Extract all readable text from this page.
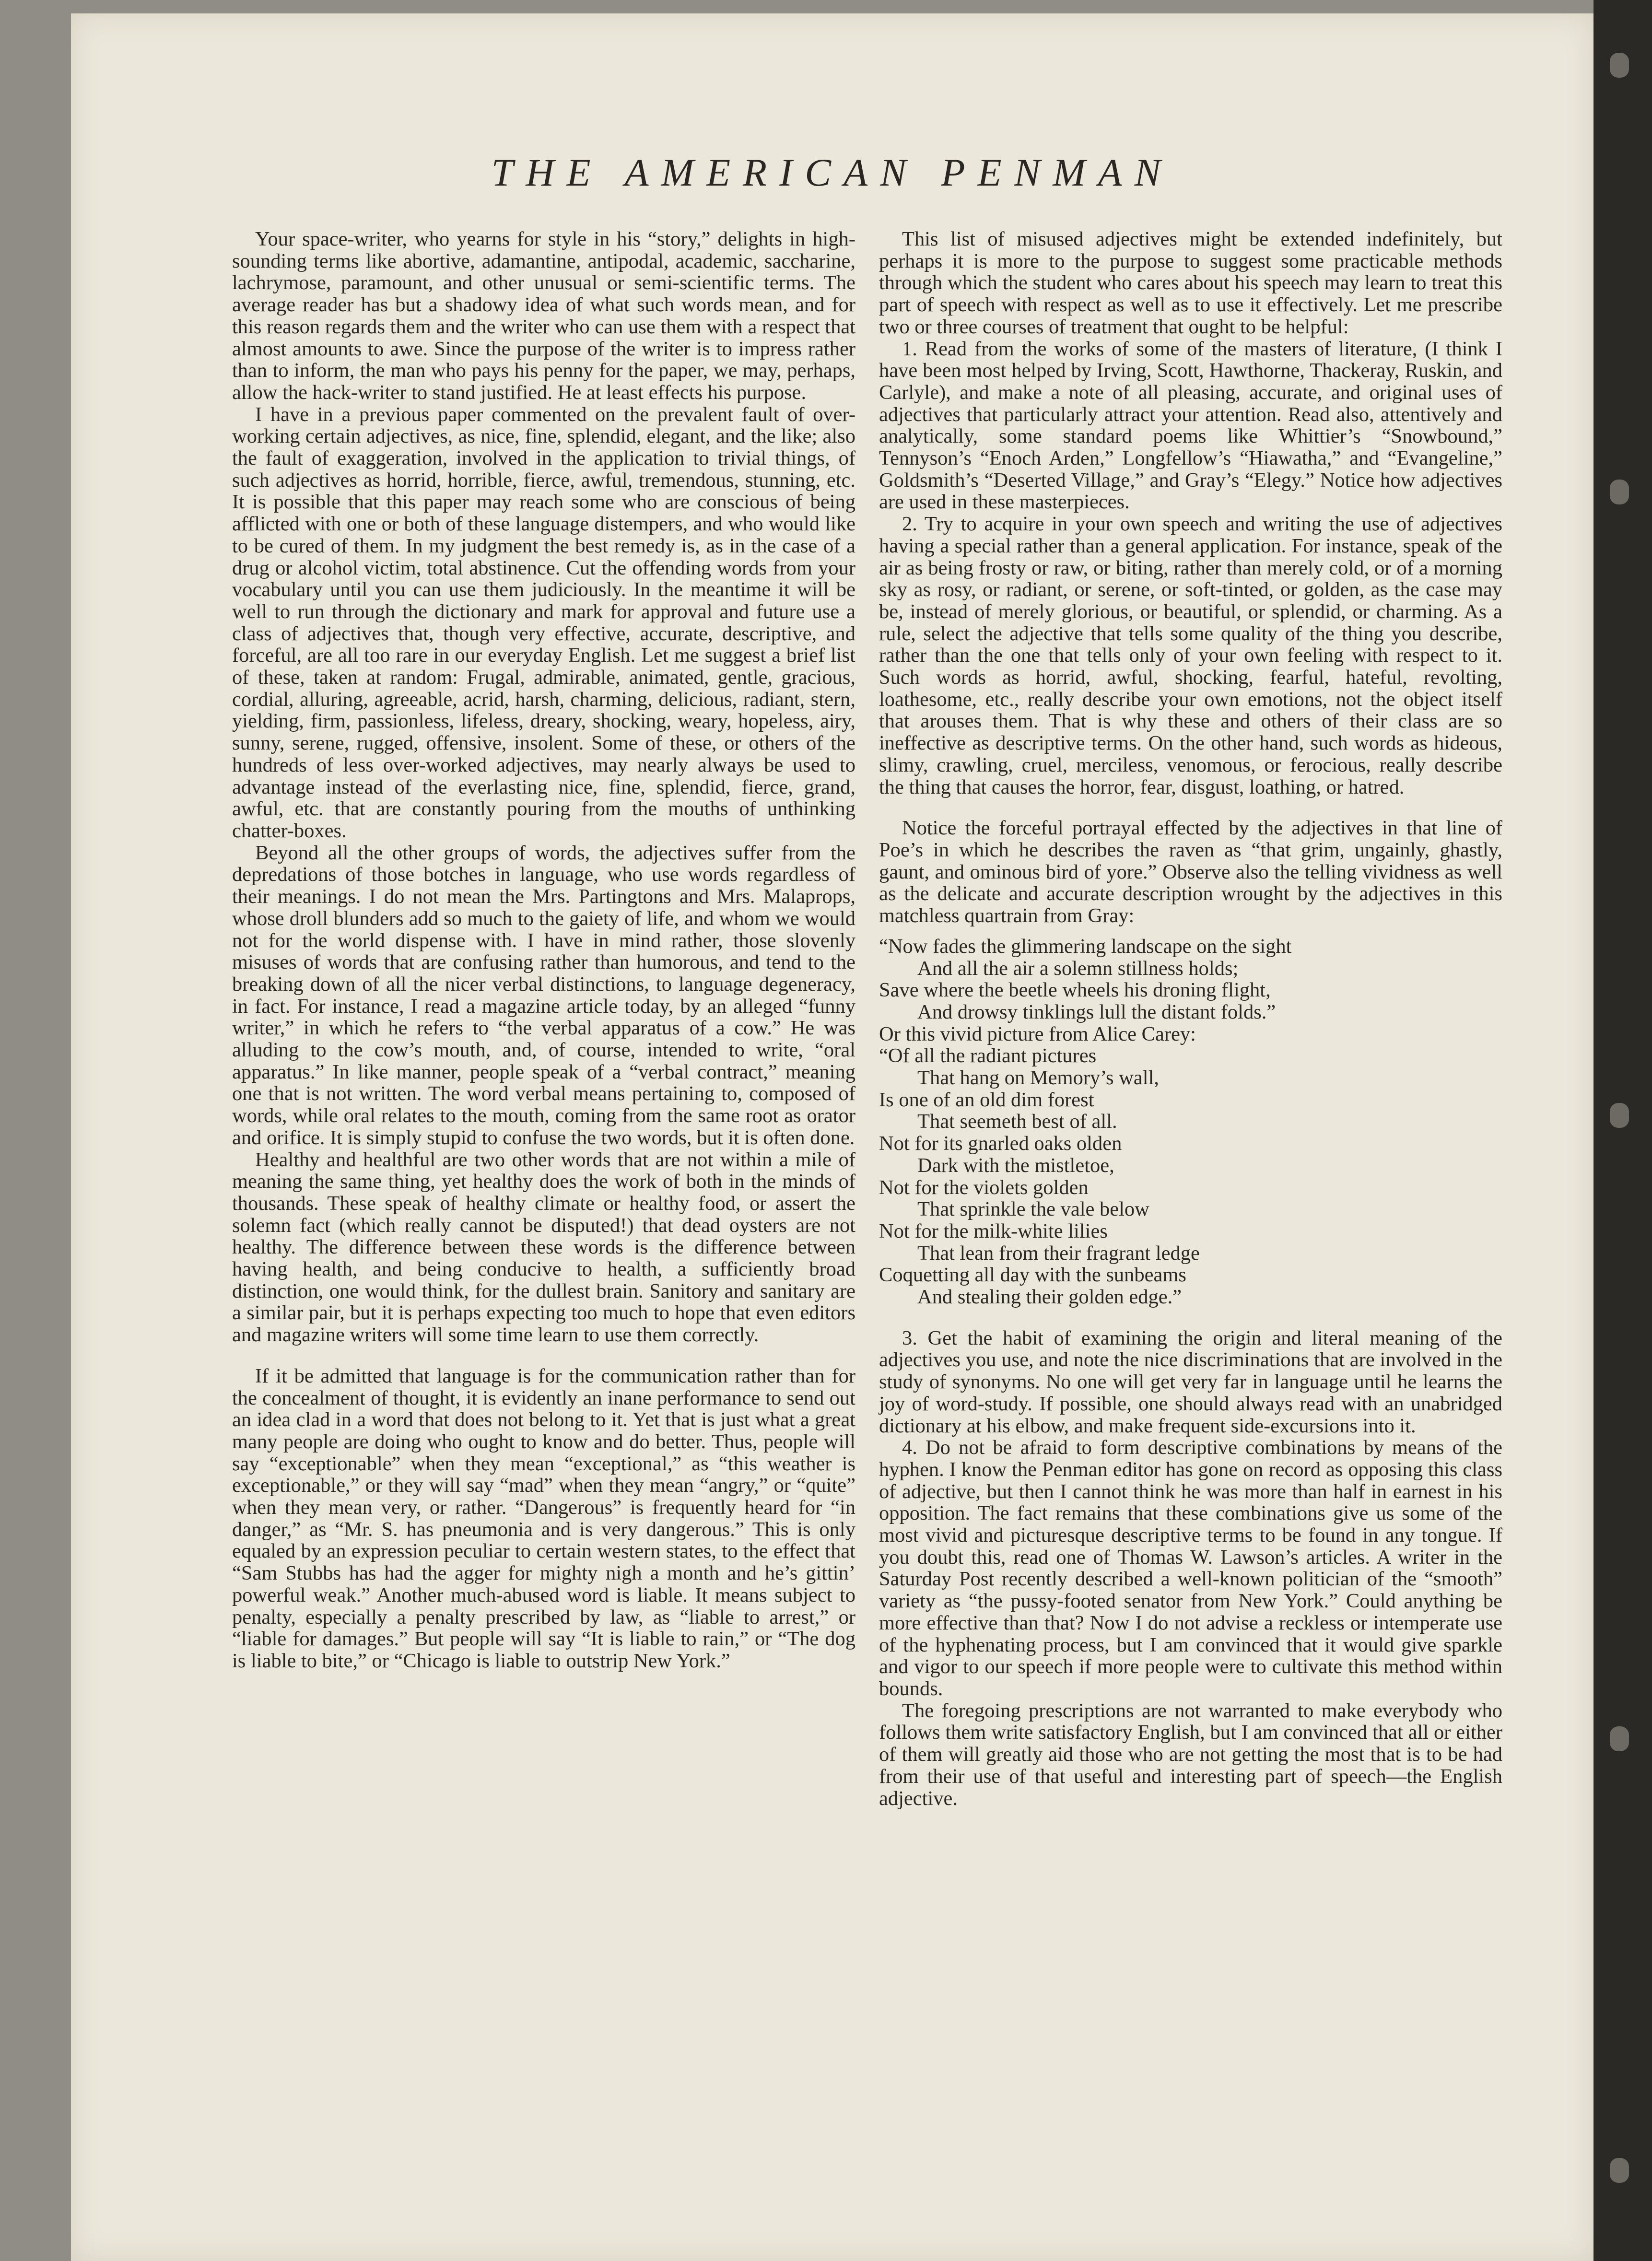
THE AMERICAN PENMAN

Your space-writer, who yearns for style in his “story,” delights in high-sounding terms like abortive, adamantine, antipodal, academic, saccharine, lachrymose, paramount, and other unusual or semi-scientific terms. The average reader has but a shadowy idea of what such words mean, and for this reason regards them and the writer who can use them with a respect that almost amounts to awe. Since the purpose of the writer is to impress rather than to inform, the man who pays his penny for the paper, we may, perhaps, allow the hack-writer to stand justified. He at least effects his purpose.

I have in a previous paper commented on the prevalent fault of over-working certain adjectives, as nice, fine, splendid, elegant, and the like; also the fault of exaggeration, involved in the application to trivial things, of such adjectives as horrid, horrible, fierce, awful, tremendous, stunning, etc. It is possible that this paper may reach some who are conscious of being afflicted with one or both of these language distempers, and who would like to be cured of them. In my judgment the best remedy is, as in the case of a drug or alcohol victim, total abstinence. Cut the offending words from your vocabulary until you can use them judiciously. In the meantime it will be well to run through the dictionary and mark for approval and future use a class of adjectives that, though very effective, accurate, descriptive, and forceful, are all too rare in our everyday English. Let me suggest a brief list of these, taken at random: Frugal, admirable, animated, gentle, gracious, cordial, alluring, agreeable, acrid, harsh, charming, delicious, radiant, stern, yielding, firm, passionless, lifeless, dreary, shocking, weary, hopeless, airy, sunny, serene, rugged, offensive, insolent. Some of these, or others of the hundreds of less over-worked adjectives, may nearly always be used to advantage instead of the everlasting nice, fine, splendid, fierce, grand, awful, etc. that are constantly pouring from the mouths of unthinking chatter-boxes.

Beyond all the other groups of words, the adjectives suffer from the depredations of those botches in language, who use words regardless of their meanings. I do not mean the Mrs. Partingtons and Mrs. Malaprops, whose droll blunders add so much to the gaiety of life, and whom we would not for the world dispense with. I have in mind rather, those slovenly misuses of words that are confusing rather than humorous, and tend to the breaking down of all the nicer verbal distinctions, to language degeneracy, in fact. For instance, I read a magazine article today, by an alleged “funny writer,” in which he refers to “the verbal apparatus of a cow.” He was alluding to the cow’s mouth, and, of course, intended to write, “oral apparatus.” In like manner, people speak of a “verbal contract,” meaning one that is not written. The word verbal means pertaining to, composed of words, while oral relates to the mouth, coming from the same root as orator and orifice. It is simply stupid to confuse the two words, but it is often done.

Healthy and healthful are two other words that are not within a mile of meaning the same thing, yet healthy does the work of both in the minds of thousands. These speak of healthy climate or healthy food, or assert the solemn fact (which really cannot be disputed!) that dead oysters are not healthy. The difference between these words is the difference between having health, and being conducive to health, a sufficiently broad distinction, one would think, for the dullest brain. Sanitory and sanitary are a similar pair, but it is perhaps expecting too much to hope that even editors and magazine writers will some time learn to use them correctly.

If it be admitted that language is for the communication rather than for the concealment of thought, it is evidently an inane performance to send out an idea clad in a word that does not belong to it. Yet that is just what a great many people are doing who ought to know and do better. Thus, people will say “exceptionable” when they mean “exceptional,” as “this weather is exceptionable,” or they will say “mad” when they mean “angry,” or “quite” when they mean very, or rather. “Dangerous” is frequently heard for “in danger,” as “Mr. S. has pneumonia and is very dangerous.” This is only equaled by an expression peculiar to certain western states, to the effect that “Sam Stubbs has had the agger for mighty nigh a month and he’s gittin’ powerful weak.” Another much-abused word is liable. It means subject to penalty, especially a penalty prescribed by law, as “liable to arrest,” or “liable for damages.” But people will say “It is liable to rain,” or “The dog is liable to bite,” or “Chicago is liable to outstrip New York.”

This list of misused adjectives might be extended indefinitely, but perhaps it is more to the purpose to suggest some practicable methods through which the student who cares about his speech may learn to treat this part of speech with respect as well as to use it effectively. Let me prescribe two or three courses of treatment that ought to be helpful:

1. Read from the works of some of the masters of literature, (I think I have been most helped by Irving, Scott, Hawthorne, Thackeray, Ruskin, and Carlyle), and make a note of all pleasing, accurate, and original uses of adjectives that particularly attract your attention. Read also, attentively and analytically, some standard poems like Whittier’s “Snowbound,” Tennyson’s “Enoch Arden,” Longfellow’s “Hiawatha,” and “Evangeline,” Goldsmith’s “Deserted Village,” and Gray’s “Elegy.” Notice how adjectives are used in these masterpieces.

2. Try to acquire in your own speech and writing the use of adjectives having a special rather than a general application. For instance, speak of the air as being frosty or raw, or biting, rather than merely cold, or of a morning sky as rosy, or radiant, or serene, or soft-tinted, or golden, as the case may be, instead of merely glorious, or beautiful, or splendid, or charming. As a rule, select the adjective that tells some quality of the thing you describe, rather than the one that tells only of your own feeling with respect to it. Such words as horrid, awful, shocking, fearful, hateful, revolting, loathesome, etc., really describe your own emotions, not the object itself that arouses them. That is why these and others of their class are so ineffective as descriptive terms. On the other hand, such words as hideous, slimy, crawling, cruel, merciless, venomous, or ferocious, really describe the thing that causes the horror, fear, disgust, loathing, or hatred.

Notice the forceful portrayal effected by the adjectives in that line of Poe’s in which he describes the raven as “that grim, ungainly, ghastly, gaunt, and ominous bird of yore.” Observe also the telling vividness as well as the delicate and accurate description wrought by the adjectives in this matchless quartrain from Gray:

“Now fades the glimmering landscape on the sight
And all the air a solemn stillness holds;
Save where the beetle wheels his droning flight,
And drowsy tinklings lull the distant folds.”
Or this vivid picture from Alice Carey:
“Of all the radiant pictures
That hang on Memory’s wall,
Is one of an old dim forest
That seemeth best of all.
Not for its gnarled oaks olden
Dark with the mistletoe,
Not for the violets golden
That sprinkle the vale below
Not for the milk-white lilies
That lean from their fragrant ledge
Coquetting all day with the sunbeams
And stealing their golden edge.”

3. Get the habit of examining the origin and literal meaning of the adjectives you use, and note the nice discriminations that are involved in the study of synonyms. No one will get very far in language until he learns the joy of word-study. If possible, one should always read with an unabridged dictionary at his elbow, and make frequent side-excursions into it.

4. Do not be afraid to form descriptive combinations by means of the hyphen. I know the Penman editor has gone on record as opposing this class of adjective, but then I cannot think he was more than half in earnest in his opposition. The fact remains that these combinations give us some of the most vivid and picturesque descriptive terms to be found in any tongue. If you doubt this, read one of Thomas W. Lawson’s articles. A writer in the Saturday Post recently described a well-known politician of the “smooth” variety as “the pussy-footed senator from New York.” Could anything be more effective than that? Now I do not advise a reckless or intemperate use of the hyphenating process, but I am convinced that it would give sparkle and vigor to our speech if more people were to cultivate this method within bounds.

The foregoing prescriptions are not warranted to make everybody who follows them write satisfactory English, but I am convinced that all or either of them will greatly aid those who are not getting the most that is to be had from their use of that useful and interesting part of speech—the English adjective.
